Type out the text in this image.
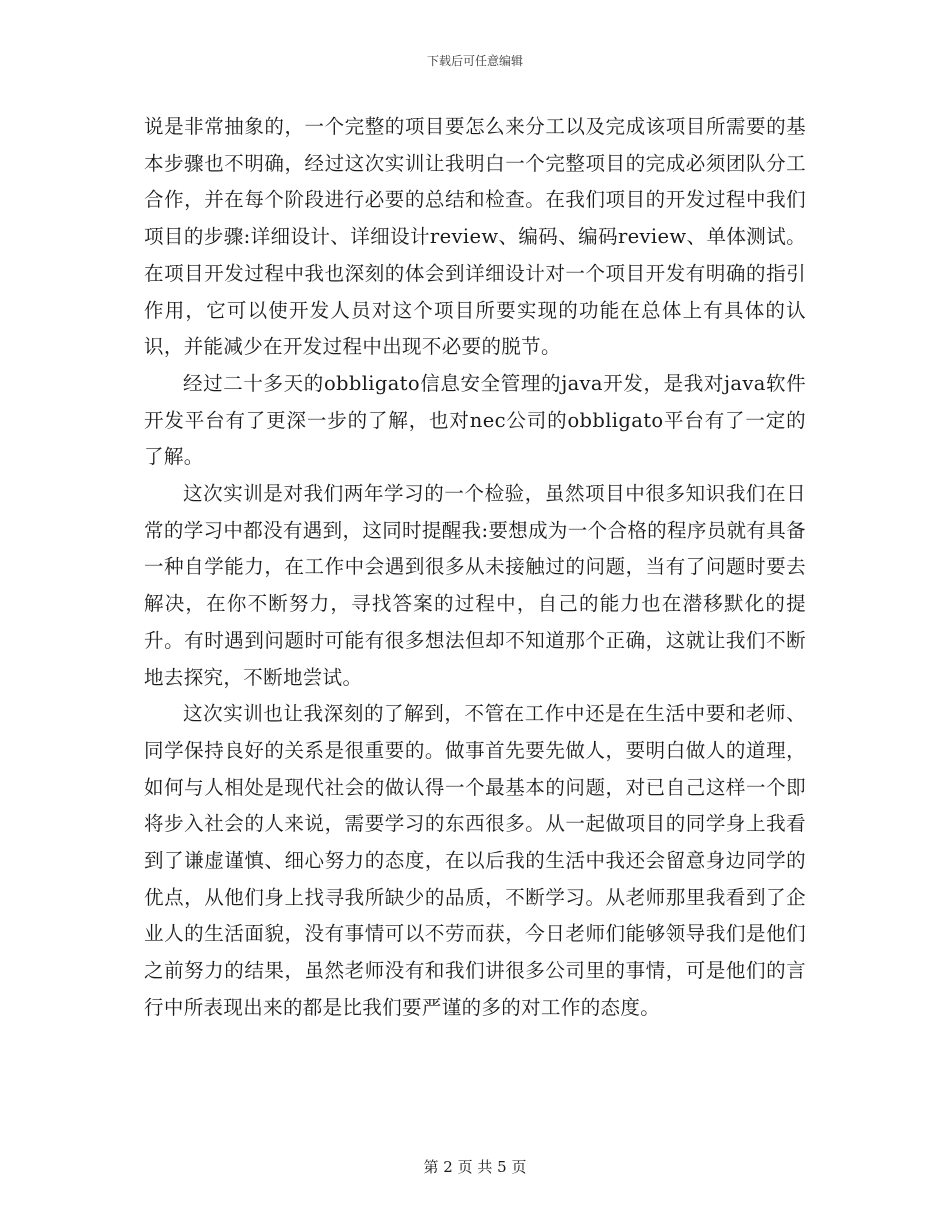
下载后可任意编辑

说是非常抽象的，一个完整的项目要怎么来分工以及完成该项目所需要的基本步骤也不明确，经过这次实训让我明白一个完整项目的完成必须团队分工合作，并在每个阶段进行必要的总结和检查。在我们项目的开发过程中我们项目的步骤:详细设计、详细设计review、编码、编码review、单体测试。在项目开发过程中我也深刻的体会到详细设计对一个项目开发有明确的指引作用，它可以使开发人员对这个项目所要实现的功能在总体上有具体的认识，并能减少在开发过程中出现不必要的脱节。

经过二十多天的obbligato信息安全管理的java开发，是我对java软件开发平台有了更深一步的了解，也对nec公司的obbligato平台有了一定的了解。

这次实训是对我们两年学习的一个检验，虽然项目中很多知识我们在日常的学习中都没有遇到，这同时提醒我:要想成为一个合格的程序员就有具备一种自学能力，在工作中会遇到很多从未接触过的问题，当有了问题时要去解决，在你不断努力，寻找答案的过程中，自己的能力也在潜移默化的提升。有时遇到问题时可能有很多想法但却不知道那个正确，这就让我们不断地去探究，不断地尝试。

这次实训也让我深刻的了解到，不管在工作中还是在生活中要和老师、同学保持良好的关系是很重要的。做事首先要先做人，要明白做人的道理，如何与人相处是现代社会的做认得一个最基本的问题，对已自己这样一个即将步入社会的人来说，需要学习的东西很多。从一起做项目的同学身上我看到了谦虚谨慎、细心努力的态度，在以后我的生活中我还会留意身边同学的优点，从他们身上找寻我所缺少的品质，不断学习。从老师那里我看到了企业人的生活面貌，没有事情可以不劳而获，今日老师们能够领导我们是他们之前努力的结果，虽然老师没有和我们讲很多公司里的事情，可是他们的言行中所表现出来的都是比我们要严谨的多的对工作的态度。

第 2 页 共 5 页
